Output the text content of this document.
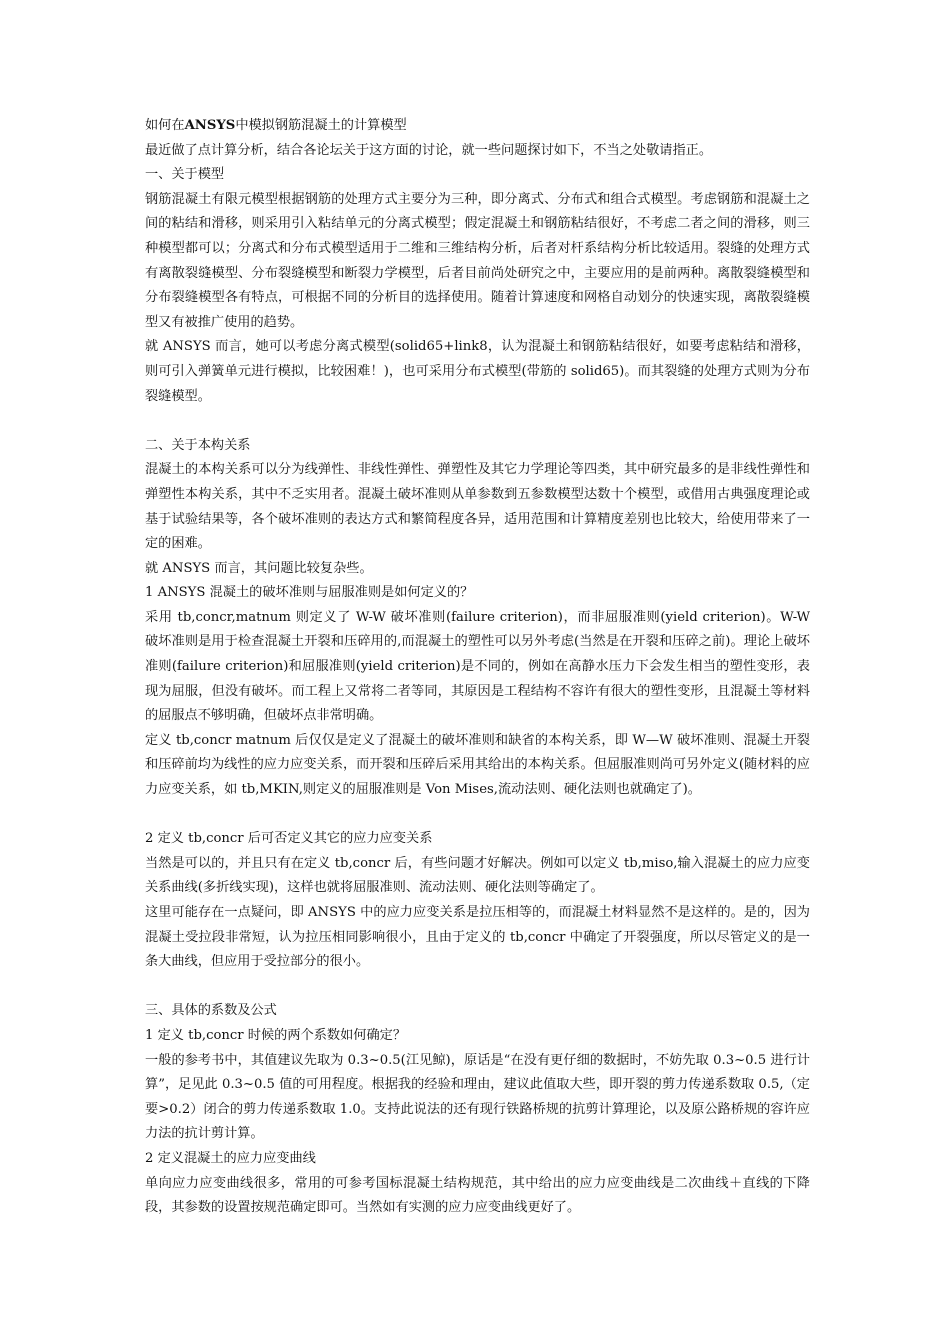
如何在ANSYS中模拟钢筋混凝土的计算模型

最近做了点计算分析，结合各论坛关于这方面的讨论，就一些问题探讨如下，不当之处敬请指正。

一、关于模型

钢筋混凝土有限元模型根据钢筋的处理方式主要分为三种，即分离式、分布式和组合式模型。考虑钢筋和混凝土之间的粘结和滑移，则采用引入粘结单元的分离式模型；假定混凝土和钢筋粘结很好，不考虑二者之间的滑移，则三种模型都可以；分离式和分布式模型适用于二维和三维结构分析，后者对杆系结构分析比较适用。裂缝的处理方式有离散裂缝模型、分布裂缝模型和断裂力学模型，后者目前尚处研究之中，主要应用的是前两种。离散裂缝模型和分布裂缝模型各有特点，可根据不同的分析目的选择使用。随着计算速度和网格自动划分的快速实现，离散裂缝模型又有被推广使用的趋势。

就 ANSYS 而言，她可以考虑分离式模型(solid65+link8，认为混凝土和钢筋粘结很好，如要考虑粘结和滑移，则可引入弹簧单元进行模拟，比较困难！)，也可采用分布式模型(带筋的 solid65)。而其裂缝的处理方式则为分布裂缝模型。

二、关于本构关系

混凝土的本构关系可以分为线弹性、非线性弹性、弹塑性及其它力学理论等四类，其中研究最多的是非线性弹性和弹塑性本构关系，其中不乏实用者。混凝土破坏准则从单参数到五参数模型达数十个模型，或借用古典强度理论或基于试验结果等，各个破坏准则的表达方式和繁简程度各异，适用范围和计算精度差别也比较大，给使用带来了一定的困难。

就 ANSYS 而言，其问题比较复杂些。

1 ANSYS 混凝土的破坏准则与屈服准则是如何定义的？

采用 tb,concr,matnum 则定义了 W-W 破坏准则(failure criterion)，而非屈服准则(yield criterion)。W-W 破坏准则是用于检查混凝土开裂和压碎用的,而混凝土的塑性可以另外考虑(当然是在开裂和压碎之前)。理论上破坏准则(failure criterion)和屈服准则(yield criterion)是不同的，例如在高静水压力下会发生相当的塑性变形，表现为屈服，但没有破坏。而工程上又常将二者等同，其原因是工程结构不容许有很大的塑性变形，且混凝土等材料的屈服点不够明确，但破坏点非常明确。

定义 tb,concr matnum 后仅仅是定义了混凝土的破坏准则和缺省的本构关系，即 W—W 破坏准则、混凝土开裂和压碎前均为线性的应力应变关系，而开裂和压碎后采用其给出的本构关系。但屈服准则尚可另外定义(随材料的应力应变关系，如 tb,MKIN,则定义的屈服准则是 Von Mises,流动法则、硬化法则也就确定了)。

2 定义 tb,concr 后可否定义其它的应力应变关系

当然是可以的，并且只有在定义 tb,concr 后，有些问题才好解决。例如可以定义 tb,miso,输入混凝土的应力应变关系曲线(多折线实现)，这样也就将屈服准则、流动法则、硬化法则等确定了。

这里可能存在一点疑问，即 ANSYS 中的应力应变关系是拉压相等的，而混凝土材料显然不是这样的。是的，因为混凝土受拉段非常短，认为拉压相同影响很小，且由于定义的 tb,concr 中确定了开裂强度，所以尽管定义的是一条大曲线，但应用于受拉部分的很小。

三、具体的系数及公式

1 定义 tb,concr 时候的两个系数如何确定？

一般的参考书中，其值建议先取为 0.3~0.5(江见鲸)，原话是“在没有更仔细的数据时，不妨先取 0.3~0.5 进行计算”，足见此 0.3~0.5 值的可用程度。根据我的经验和理由，建议此值取大些，即开裂的剪力传递系数取 0.5,（定要>0.2）闭合的剪力传递系数取 1.0。支持此说法的还有现行铁路桥规的抗剪计算理论，以及原公路桥规的容许应力法的抗计剪计算。

2 定义混凝土的应力应变曲线

单向应力应变曲线很多，常用的可参考国标混凝土结构规范，其中给出的应力应变曲线是二次曲线＋直线的下降段，其参数的设置按规范确定即可。当然如有实测的应力应变曲线更好了。
